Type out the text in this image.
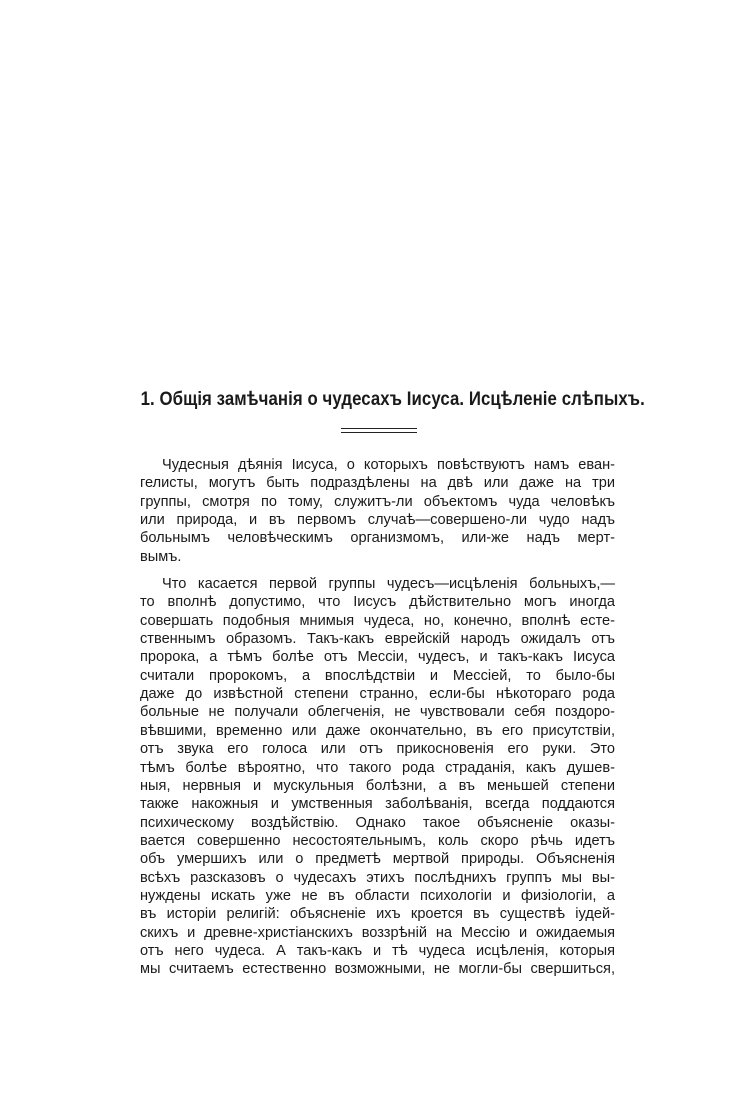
1. Общія замѣчанія о чудесахъ Іисуса. Исцѣленіе слѣпыхъ.
Чудесныя дѣянія Іисуса, о которыхъ повѣствуютъ намъ еван-
гелисты, могутъ быть подраздѣлены на двѣ или даже на три
группы, смотря по тому, служитъ-ли объектомъ чуда человѣкъ
или природа, и въ первомъ случаѣ—совершено-ли чудо надъ
больнымъ человѣческимъ организмомъ, или-же надъ мерт-
вымъ.
Что касается первой группы чудесъ—исцѣленія больныхъ,—
то вполнѣ допустимо, что Іисусъ дѣйствительно могъ иногда
совершать подобныя мнимыя чудеса, но, конечно, вполнѣ есте-
ственнымъ образомъ. Такъ-какъ еврейскій народъ ожидалъ отъ
пророка, а тѣмъ болѣе отъ Мессіи, чудесъ, и такъ-какъ Іисуса
считали пророкомъ, а впослѣдствіи и Мессіей, то было-бы
даже до извѣстной степени странно, если-бы нѣкотораго рода
больные не получали облегченія, не чувствовали себя поздоро-
вѣвшими, временно или даже окончательно, въ его присутствіи,
отъ звука его голоса или отъ прикосновенія его руки. Это
тѣмъ болѣе вѣроятно, что такого рода страданія, какъ душев-
ныя, нервныя и мускульныя болѣзни, а въ меньшей степени
также накожныя и умственныя заболѣванія, всегда поддаются
психическому воздѣйствію. Однако такое объясненіе оказы-
вается совершенно несостоятельнымъ, коль скоро рѣчь идетъ
объ умершихъ или о предметѣ мертвой природы. Объясненія
всѣхъ разсказовъ о чудесахъ этихъ послѣднихъ группъ мы вы-
нуждены искать уже не въ области психологіи и физіологіи, а
въ исторіи религій: объясненіе ихъ кроется въ существѣ іудей-
скихъ и древне-христіанскихъ воззрѣній на Мессію и ожидаемыя
отъ него чудеса. А такъ-какъ и тѣ чудеса исцѣленія, которыя
мы считаемъ естественно возможными, не могли-бы свершиться,
